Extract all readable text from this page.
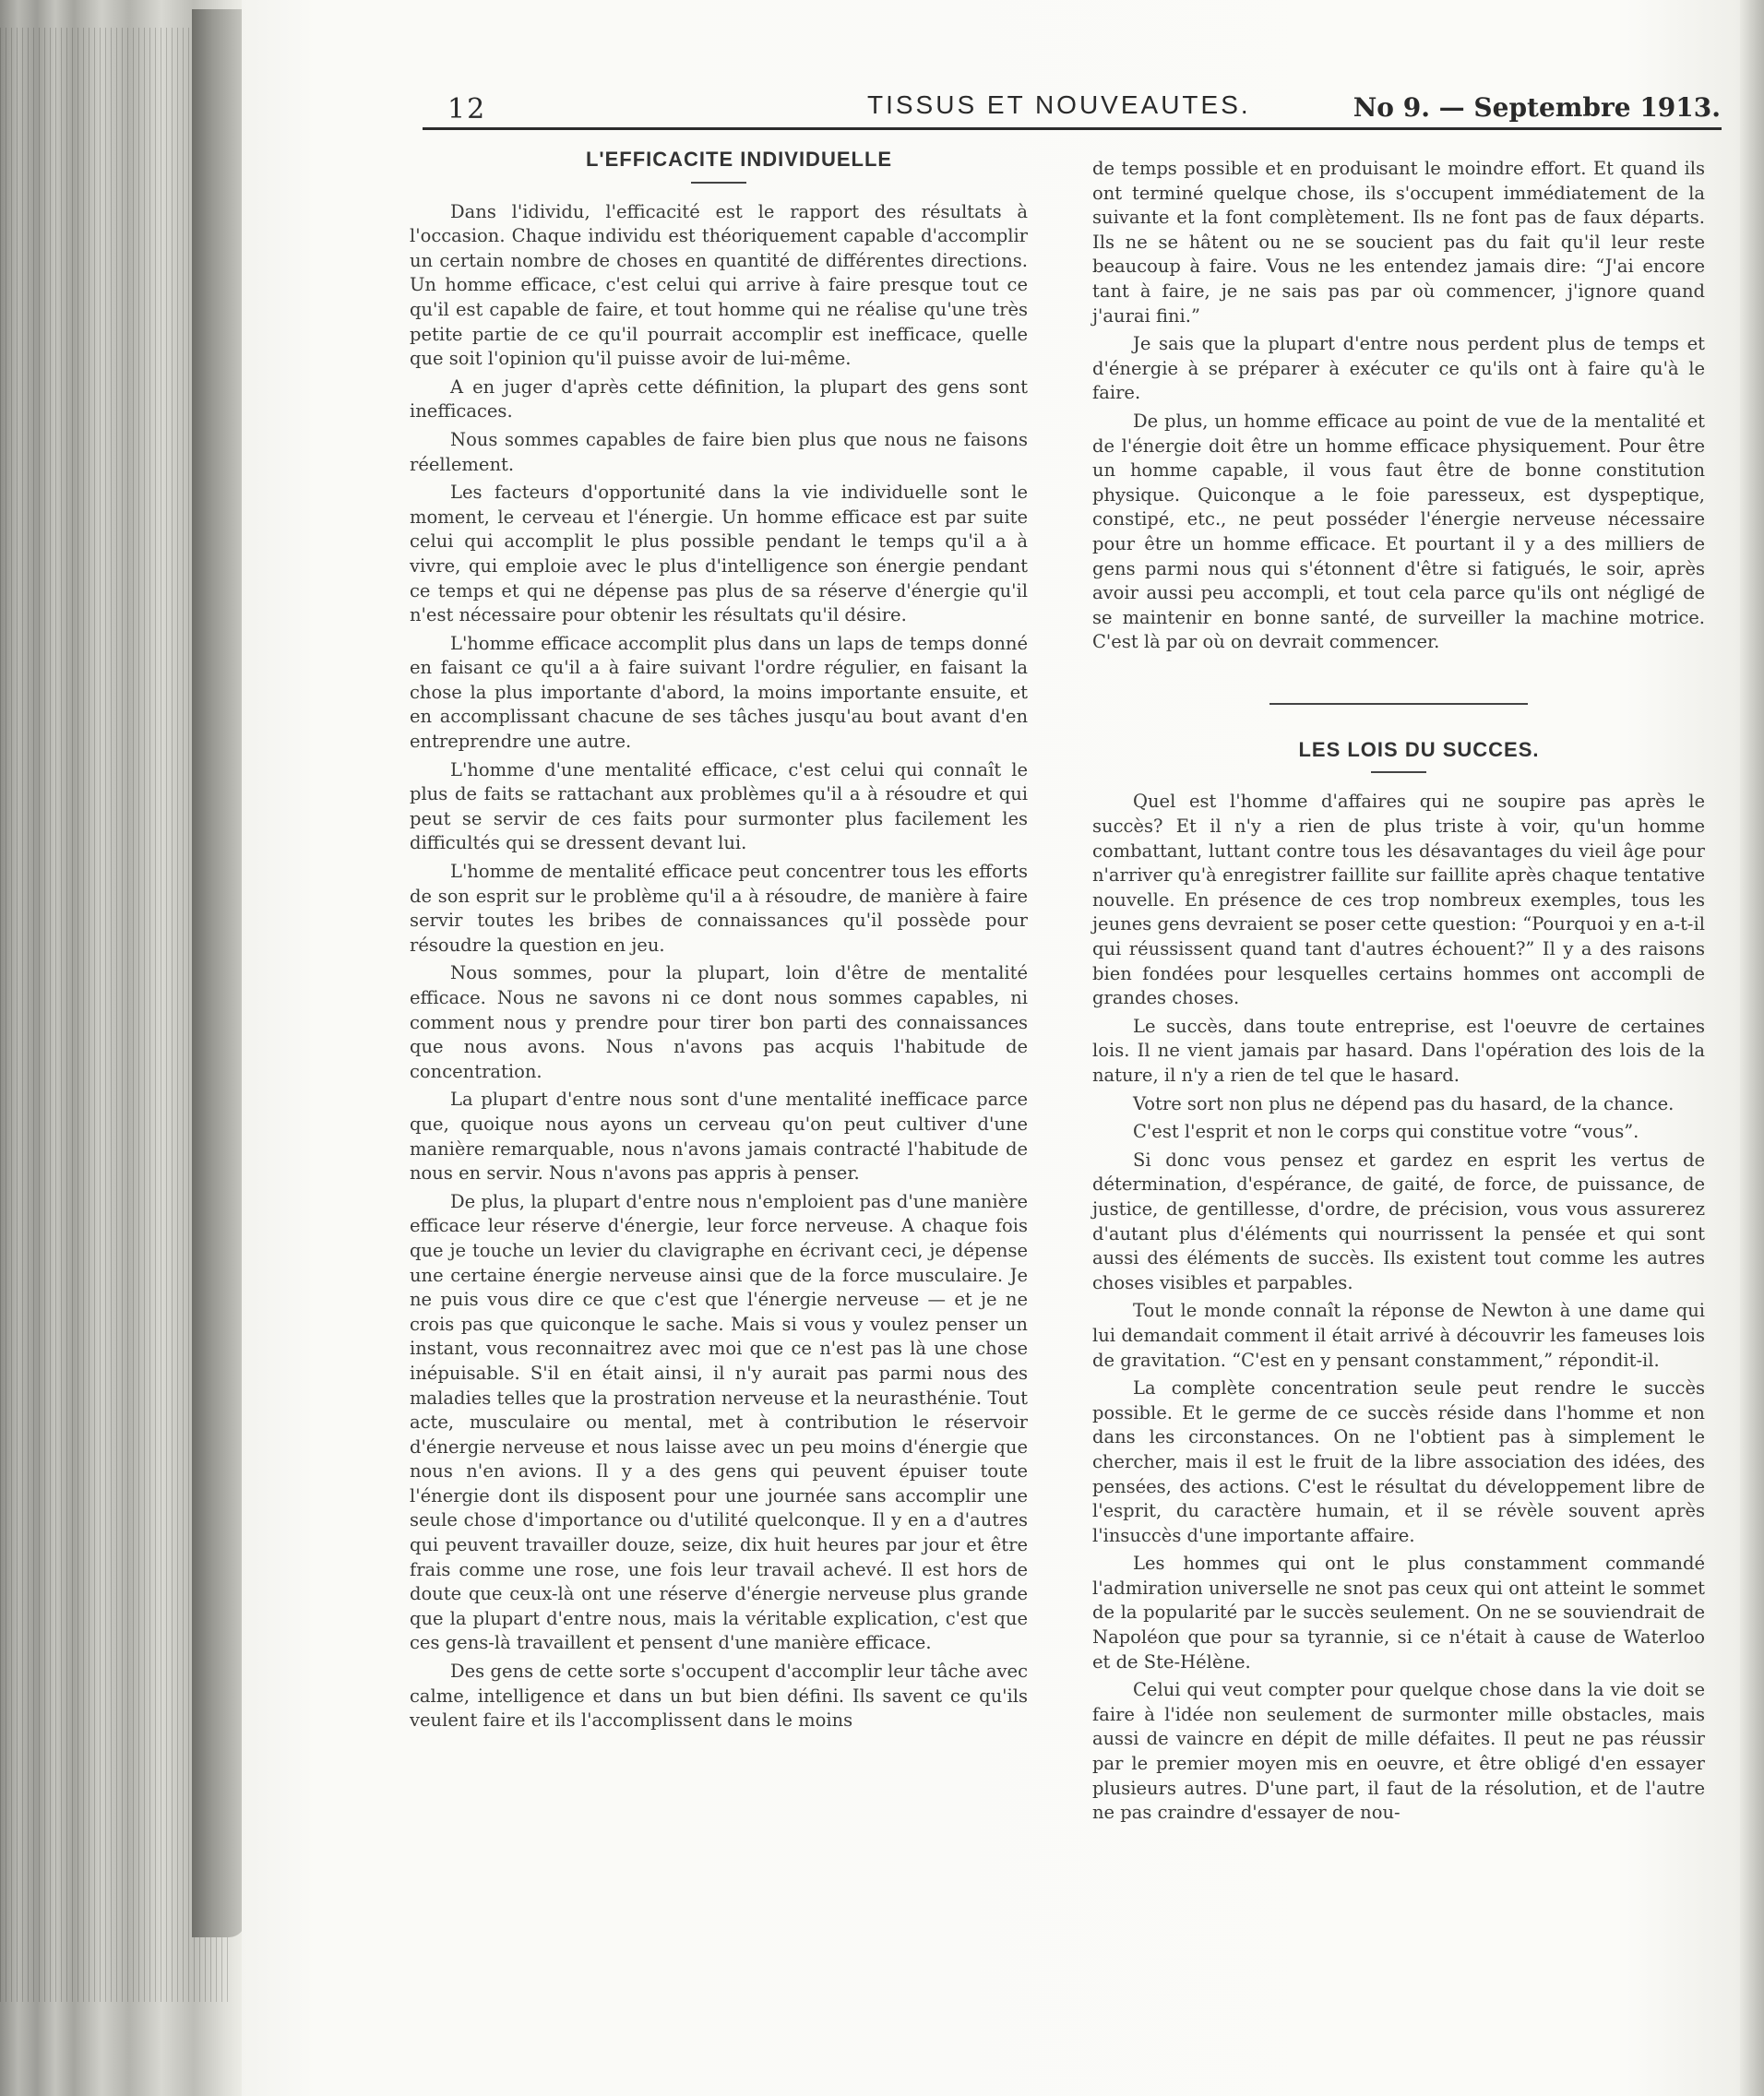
12	TISSUS ET NOUVEAUTES.	No 9. — Septembre 1913.

L'EFFICACITE INDIVIDUELLE

Dans l'idividu, l'efficacité est le rapport des résultats à l'occasion. Chaque individu est théoriquement capable d'accomplir un certain nombre de choses en quantité de différentes directions. Un homme efficace, c'est celui qui arrive à faire presque tout ce qu'il est capable de faire, et tout homme qui ne réalise qu'une très petite partie de ce qu'il pourrait accomplir est inefficace, quelle que soit l'opinion qu'il puisse avoir de lui-même.

A en juger d'après cette définition, la plupart des gens sont inefficaces.

Nous sommes capables de faire bien plus que nous ne faisons réellement.

Les facteurs d'opportunité dans la vie individuelle sont le moment, le cerveau et l'énergie. Un homme efficace est par suite celui qui accomplit le plus possible pendant le temps qu'il a à vivre, qui emploie avec le plus d'intelligence son énergie pendant ce temps et qui ne dépense pas plus de sa réserve d'énergie qu'il n'est nécessaire pour obtenir les résultats qu'il désire.

L'homme efficace accomplit plus dans un laps de temps donné en faisant ce qu'il a à faire suivant l'ordre régulier, en faisant la chose la plus importante d'abord, la moins importante ensuite, et en accomplissant chacune de ses tâches jusqu'au bout avant d'en entreprendre une autre.

L'homme d'une mentalité efficace, c'est celui qui connaît le plus de faits se rattachant aux problèmes qu'il a à résoudre et qui peut se servir de ces faits pour surmonter plus facilement les difficultés qui se dressent devant lui.

L'homme de mentalité efficace peut concentrer tous les efforts de son esprit sur le problème qu'il a à résoudre, de manière à faire servir toutes les bribes de connaissances qu'il possède pour résoudre la question en jeu.

Nous sommes, pour la plupart, loin d'être de mentalité efficace. Nous ne savons ni ce dont nous sommes capables, ni comment nous y prendre pour tirer bon parti des connaissances que nous avons. Nous n'avons pas acquis l'habitude de concentration.

La plupart d'entre nous sont d'une mentalité inefficace parce que, quoique nous ayons un cerveau qu'on peut cultiver d'une manière remarquable, nous n'avons jamais contracté l'habitude de nous en servir. Nous n'avons pas appris à penser.

De plus, la plupart d'entre nous n'emploient pas d'une manière efficace leur réserve d'énergie, leur force nerveuse. A chaque fois que je touche un levier du clavigraphe en écrivant ceci, je dépense une certaine énergie nerveuse ainsi que de la force musculaire. Je ne puis vous dire ce que c'est que l'énergie nerveuse — et je ne crois pas que quiconque le sache. Mais si vous y voulez penser un instant, vous reconnaitrez avec moi que ce n'est pas là une chose inépuisable. S'il en était ainsi, il n'y aurait pas parmi nous des maladies telles que la prostration nerveuse et la neurasthénie. Tout acte, musculaire ou mental, met à contribution le réservoir d'énergie nerveuse et nous laisse avec un peu moins d'énergie que nous n'en avions. Il y a des gens qui peuvent épuiser toute l'énergie dont ils disposent pour une journée sans accomplir une seule chose d'importance ou d'utilité quelconque. Il y en a d'autres qui peuvent travailler douze, seize, dix huit heures par jour et être frais comme une rose, une fois leur travail achevé. Il est hors de doute que ceux-là ont une réserve d'énergie nerveuse plus grande que la plupart d'entre nous, mais la véritable explication, c'est que ces gens-là travaillent et pensent d'une manière efficace.

Des gens de cette sorte s'occupent d'accomplir leur tâche avec calme, intelligence et dans un but bien défini. Ils savent ce qu'ils veulent faire et ils l'accomplissent dans le moins

de temps possible et en produisant le moindre effort. Et quand ils ont terminé quelque chose, ils s'occupent immédiatement de la suivante et la font complètement. Ils ne font pas de faux départs. Ils ne se hâtent ou ne se soucient pas du fait qu'il leur reste beaucoup à faire. Vous ne les entendez jamais dire: “J'ai encore tant à faire, je ne sais pas par où commencer, j'ignore quand j'aurai fini.”

Je sais que la plupart d'entre nous perdent plus de temps et d'énergie à se préparer à exécuter ce qu'ils ont à faire qu'à le faire.

De plus, un homme efficace au point de vue de la mentalité et de l'énergie doit être un homme efficace physiquement. Pour être un homme capable, il vous faut être de bonne constitution physique. Quiconque a le foie paresseux, est dyspeptique, constipé, etc., ne peut posséder l'énergie nerveuse nécessaire pour être un homme efficace. Et pourtant il y a des milliers de gens parmi nous qui s'étonnent d'être si fatigués, le soir, après avoir aussi peu accompli, et tout cela parce qu'ils ont négligé de se maintenir en bonne santé, de surveiller la machine motrice. C'est là par où on devrait commencer.

LES LOIS DU SUCCES.

Quel est l'homme d'affaires qui ne soupire pas après le succès? Et il n'y a rien de plus triste à voir, qu'un homme combattant, luttant contre tous les désavantages du vieil âge pour n'arriver qu'à enregistrer faillite sur faillite après chaque tentative nouvelle. En présence de ces trop nombreux exemples, tous les jeunes gens devraient se poser cette question: “Pourquoi y en a-t-il qui réussissent quand tant d'autres échouent?” Il y a des raisons bien fondées pour lesquelles certains hommes ont accompli de grandes choses.

Le succès, dans toute entreprise, est l'oeuvre de certaines lois. Il ne vient jamais par hasard. Dans l'opération des lois de la nature, il n'y a rien de tel que le hasard.

Votre sort non plus ne dépend pas du hasard, de la chance.

C'est l'esprit et non le corps qui constitue votre “vous”.

Si donc vous pensez et gardez en esprit les vertus de détermination, d'espérance, de gaité, de force, de puissance, de justice, de gentillesse, d'ordre, de précision, vous vous assurerez d'autant plus d'éléments qui nourrissent la pensée et qui sont aussi des éléments de succès. Ils existent tout comme les autres choses visibles et parpables.

Tout le monde connaît la réponse de Newton à une dame qui lui demandait comment il était arrivé à découvrir les fameuses lois de gravitation. “C'est en y pensant constamment,” répondit-il.

La complète concentration seule peut rendre le succès possible. Et le germe de ce succès réside dans l'homme et non dans les circonstances. On ne l'obtient pas à simplement le chercher, mais il est le fruit de la libre association des idées, des pensées, des actions. C'est le résultat du développement libre de l'esprit, du caractère humain, et il se révèle souvent après l'insuccès d'une importante affaire.

Les hommes qui ont le plus constamment commandé l'admiration universelle ne snot pas ceux qui ont atteint le sommet de la popularité par le succès seulement. On ne se souviendrait de Napoléon que pour sa tyrannie, si ce n'était à cause de Waterloo et de Ste-Hélène.

Celui qui veut compter pour quelque chose dans la vie doit se faire à l'idée non seulement de surmonter mille obstacles, mais aussi de vaincre en dépit de mille défaites. Il peut ne pas réussir par le premier moyen mis en oeuvre, et être obligé d'en essayer plusieurs autres. D'une part, il faut de la résolution, et de l'autre ne pas craindre d'essayer de nou-
